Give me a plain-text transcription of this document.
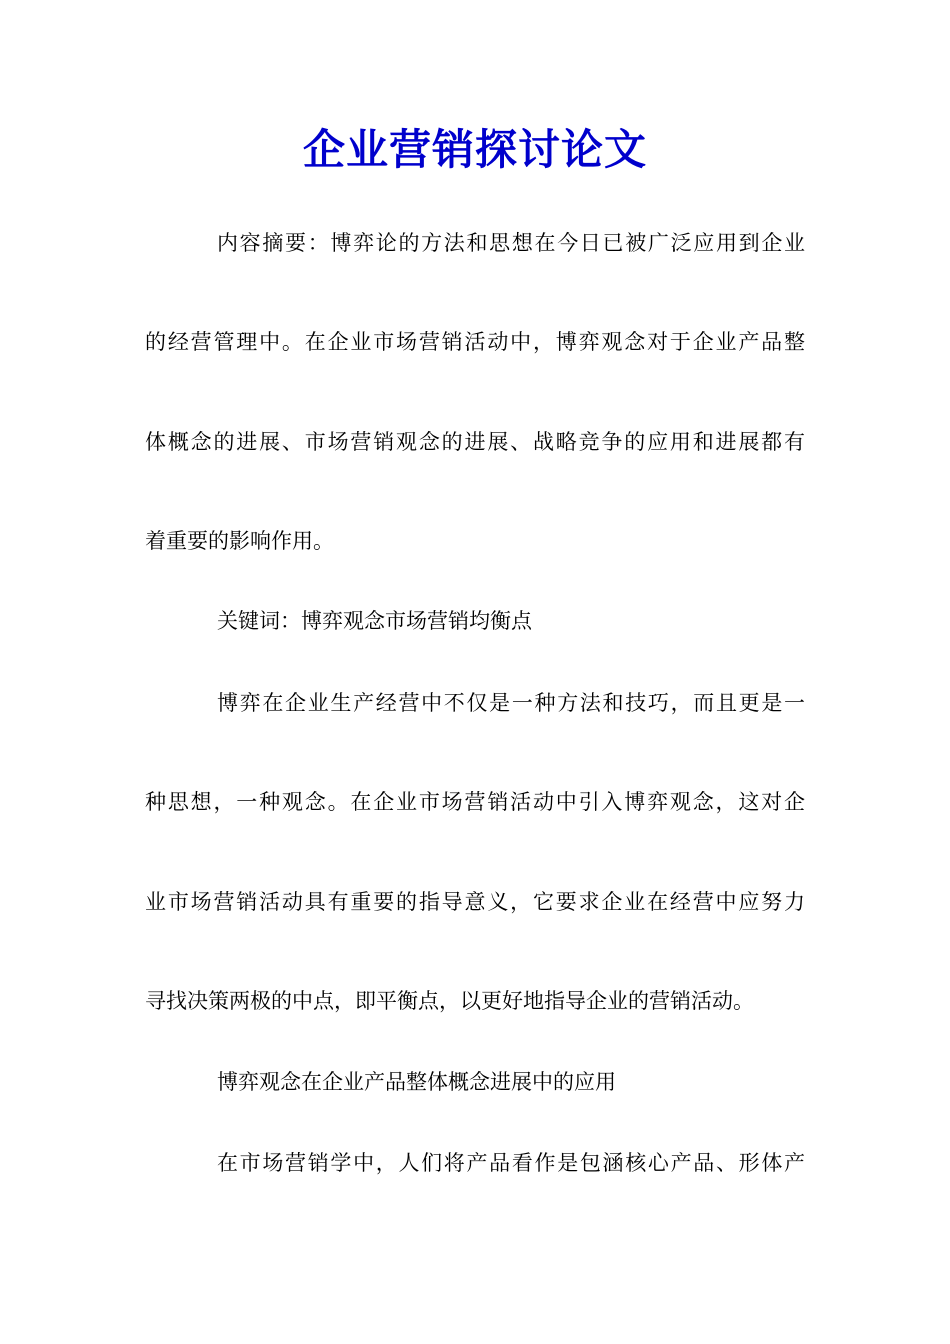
企业营销探讨论文
内容摘要：博弈论的方法和思想在今日已被广泛应用到企业
的经营管理中。在企业市场营销活动中，博弈观念对于企业产品整
体概念的进展、市场营销观念的进展、战略竞争的应用和进展都有
着重要的影响作用。
关键词：博弈观念市场营销均衡点
博弈在企业生产经营中不仅是一种方法和技巧，而且更是一
种思想，一种观念。在企业市场营销活动中引入博弈观念，这对企
业市场营销活动具有重要的指导意义，它要求企业在经营中应努力
寻找决策两极的中点，即平衡点，以更好地指导企业的营销活动。
博弈观念在企业产品整体概念进展中的应用
在市场营销学中，人们将产品看作是包涵核心产品、形体产
